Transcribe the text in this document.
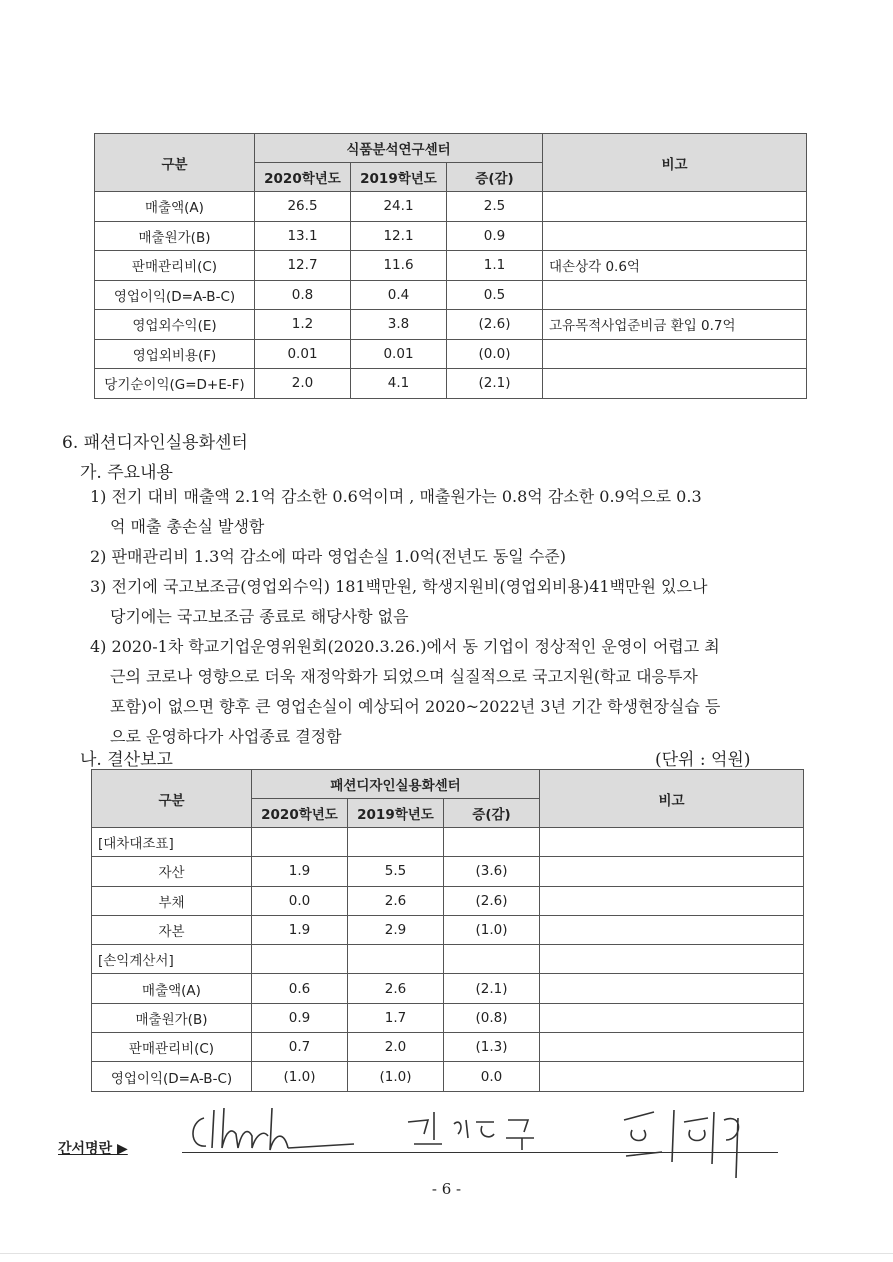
구분	식품분석연구센터			비고
	2020학년도	2019학년도	증(감)	
매출액(A)	26.5	24.1	2.5	
매출원가(B)	13.1	12.1	0.9	
판매관리비(C)	12.7	11.6	1.1	대손상각 0.6억
영업이익(D=A-B-C)	0.8	0.4	0.5	
영업외수익(E)	1.2	3.8	(2.6)	고유목적사업준비금 환입 0.7억
영업외비용(F)	0.01	0.01	(0.0)	
당기순이익(G=D+E-F)	2.0	4.1	(2.1)	
6. 패션디자인실용화센터
가. 주요내용
1) 전기 대비 매출액 2.1억 감소한 0.6억이며 , 매출원가는 0.8억 감소한 0.9억으로 0.3
억 매출 총손실 발생함
2) 판매관리비 1.3억 감소에 따라 영업손실 1.0억(전년도 동일 수준)
3) 전기에 국고보조금(영업외수익) 181백만원, 학생지원비(영업외비용)41백만원 있으나
당기에는 국고보조금 종료로 해당사항 없음
4) 2020-1차 학교기업운영위원회(2020.3.26.)에서 동 기업이 정상적인 운영이 어렵고 최
근의 코로나 영향으로 더욱 재정악화가 되었으며 실질적으로 국고지원(학교 대응투자
포함)이 없으면 향후 큰 영업손실이 예상되어 2020~2022년 3년 기간 학생현장실습 등
으로 운영하다가 사업종료 결정함
나. 결산보고	(단위 : 억원)
구분	패션디자인실용화센터			비고
	2020학년도	2019학년도	증(감)	
[대차대조표]				
자산	1.9	5.5	(3.6)	
부채	0.0	2.6	(2.6)	
자본	1.9	2.9	(1.0)	
[손익계산서]				
매출액(A)	0.6	2.6	(2.1)	
매출원가(B)	0.9	1.7	(0.8)	
판매관리비(C)	0.7	2.0	(1.3)	
영업이익(D=A-B-C)	(1.0)	(1.0)	0.0	
간서명란 ▶
- 6 -
